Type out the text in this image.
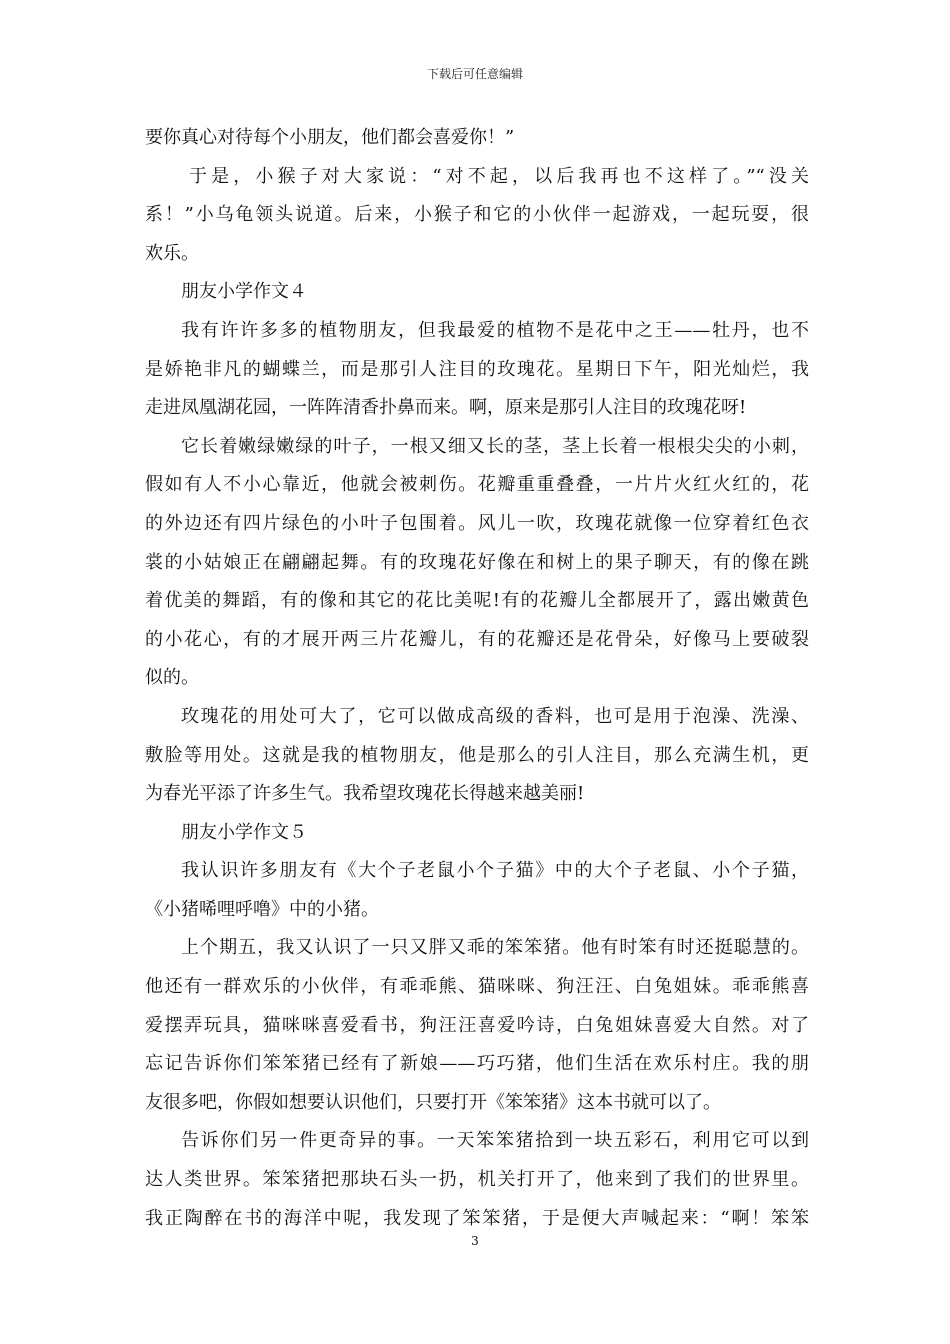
下载后可任意编辑
要你真心对待每个小朋友，他们都会喜爱你！”
于是，小猴子对大家说：“对不起，以后我再也不这样了。”“没关
系！”小乌龟领头说道。后来，小猴子和它的小伙伴一起游戏，一起玩耍，很
欢乐。
朋友小学作文４
我有许许多多的植物朋友，但我最爱的植物不是花中之王——牡丹，也不
是娇艳非凡的蝴蝶兰，而是那引人注目的玫瑰花。星期日下午，阳光灿烂，我
走进凤凰湖花园，一阵阵清香扑鼻而来。啊，原来是那引人注目的玫瑰花呀!
它长着嫩绿嫩绿的叶子，一根又细又长的茎，茎上长着一根根尖尖的小刺，
假如有人不小心靠近，他就会被刺伤。花瓣重重叠叠，一片片火红火红的，花
的外边还有四片绿色的小叶子包围着。风儿一吹，玫瑰花就像一位穿着红色衣
裳的小姑娘正在翩翩起舞。有的玫瑰花好像在和树上的果子聊天，有的像在跳
着优美的舞蹈，有的像和其它的花比美呢!有的花瓣儿全都展开了，露出嫩黄色
的小花心，有的才展开两三片花瓣儿，有的花瓣还是花骨朵，好像马上要破裂
似的。
玫瑰花的用处可大了，它可以做成高级的香料，也可是用于泡澡、洗澡、
敷脸等用处。这就是我的植物朋友，他是那么的引人注目，那么充满生机，更
为春光平添了许多生气。我希望玫瑰花长得越来越美丽!
朋友小学作文５
我认识许多朋友有《大个子老鼠小个子猫》中的大个子老鼠、小个子猫，
《小猪唏哩呼噜》中的小猪。
上个期五，我又认识了一只又胖又乖的笨笨猪。他有时笨有时还挺聪慧的。
他还有一群欢乐的小伙伴，有乖乖熊、猫咪咪、狗汪汪、白兔姐妹。乖乖熊喜
爱摆弄玩具，猫咪咪喜爱看书，狗汪汪喜爱吟诗，白兔姐妹喜爱大自然。对了
忘记告诉你们笨笨猪已经有了新娘——巧巧猪，他们生活在欢乐村庄。我的朋
友很多吧，你假如想要认识他们，只要打开《笨笨猪》这本书就可以了。
告诉你们另一件更奇异的事。一天笨笨猪拾到一块五彩石，利用它可以到
达人类世界。笨笨猪把那块石头一扔，机关打开了，他来到了我们的世界里。
我正陶醉在书的海洋中呢，我发现了笨笨猪，于是便大声喊起来：“啊！笨笨
3
